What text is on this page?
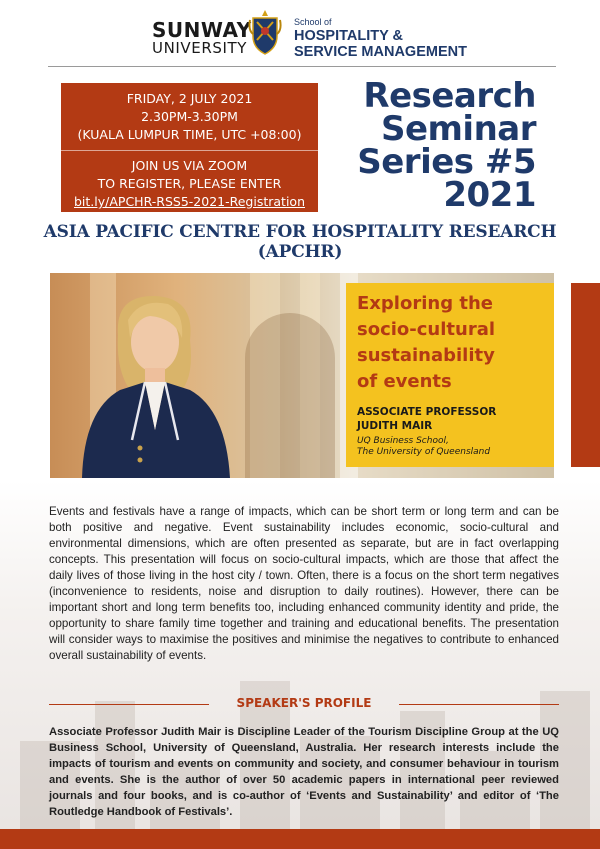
SUNWAY
UNIVERSITY
School of
HOSPITALITY &
SERVICE MANAGEMENT
FRIDAY, 2 JULY 2021
2.30PM-3.30PM
(KUALA LUMPUR TIME, UTC +08:00)
JOIN US VIA ZOOM
TO REGISTER, PLEASE ENTER
bit.ly/APCHR-RSS5-2021-Registration
Research
Seminar
Series #5
2021
ASIA PACIFIC CENTRE FOR HOSPITALITY RESEARCH (APCHR)
Exploring the
socio-cultural
sustainability
of events
ASSOCIATE PROFESSOR
JUDITH MAIR
UQ Business School,
The University of Queensland
Events and festivals have a range of impacts, which can be short term or long term and can be both positive and negative. Event sustainability includes economic, socio-cultural and environmental dimensions, which are often presented as separate, but are in fact overlapping concepts. This presentation will focus on socio-cultural impacts, which are those that affect the daily lives of those living in the host city / town. Often, there is a focus on the short term negatives (inconvenience to residents, noise and disruption to daily routines). However, there can be important short and long term benefits too, including enhanced community identity and pride, the opportunity to share family time together and training and educational benefits. The presentation will consider ways to maximise the positives and minimise the negatives to contribute to enhanced overall sustainability of events.
SPEAKER'S PROFILE
Associate Professor Judith Mair is Discipline Leader of the Tourism Discipline Group at the UQ Business School, University of Queensland, Australia. Her research interests include the impacts of tourism and events on community and society, and consumer behaviour in tourism and events. She is the author of over 50 academic papers in international peer reviewed journals and four books, and is co-author of ‘Events and Sustainability’ and editor of ‘The Routledge Handbook of Festivals’.
